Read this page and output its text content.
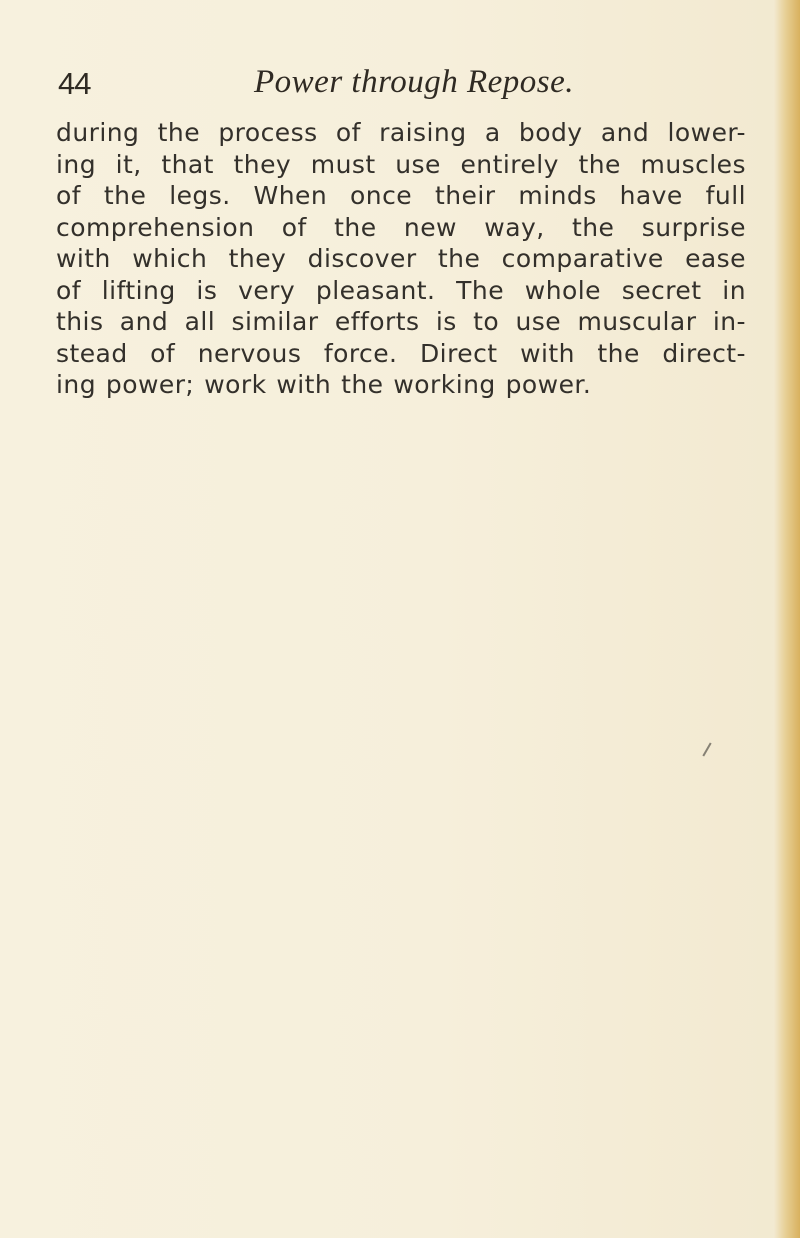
44	Power through Repose.
during the process of raising a body and lower-
ing it, that they must use entirely the muscles
of the legs. When once their minds have full
comprehension of the new way, the surprise
with which they discover the comparative ease
of lifting is very pleasant. The whole secret in
this and all similar efforts is to use muscular in-
stead of nervous force. Direct with the direct-
ing power; work with the working power.
